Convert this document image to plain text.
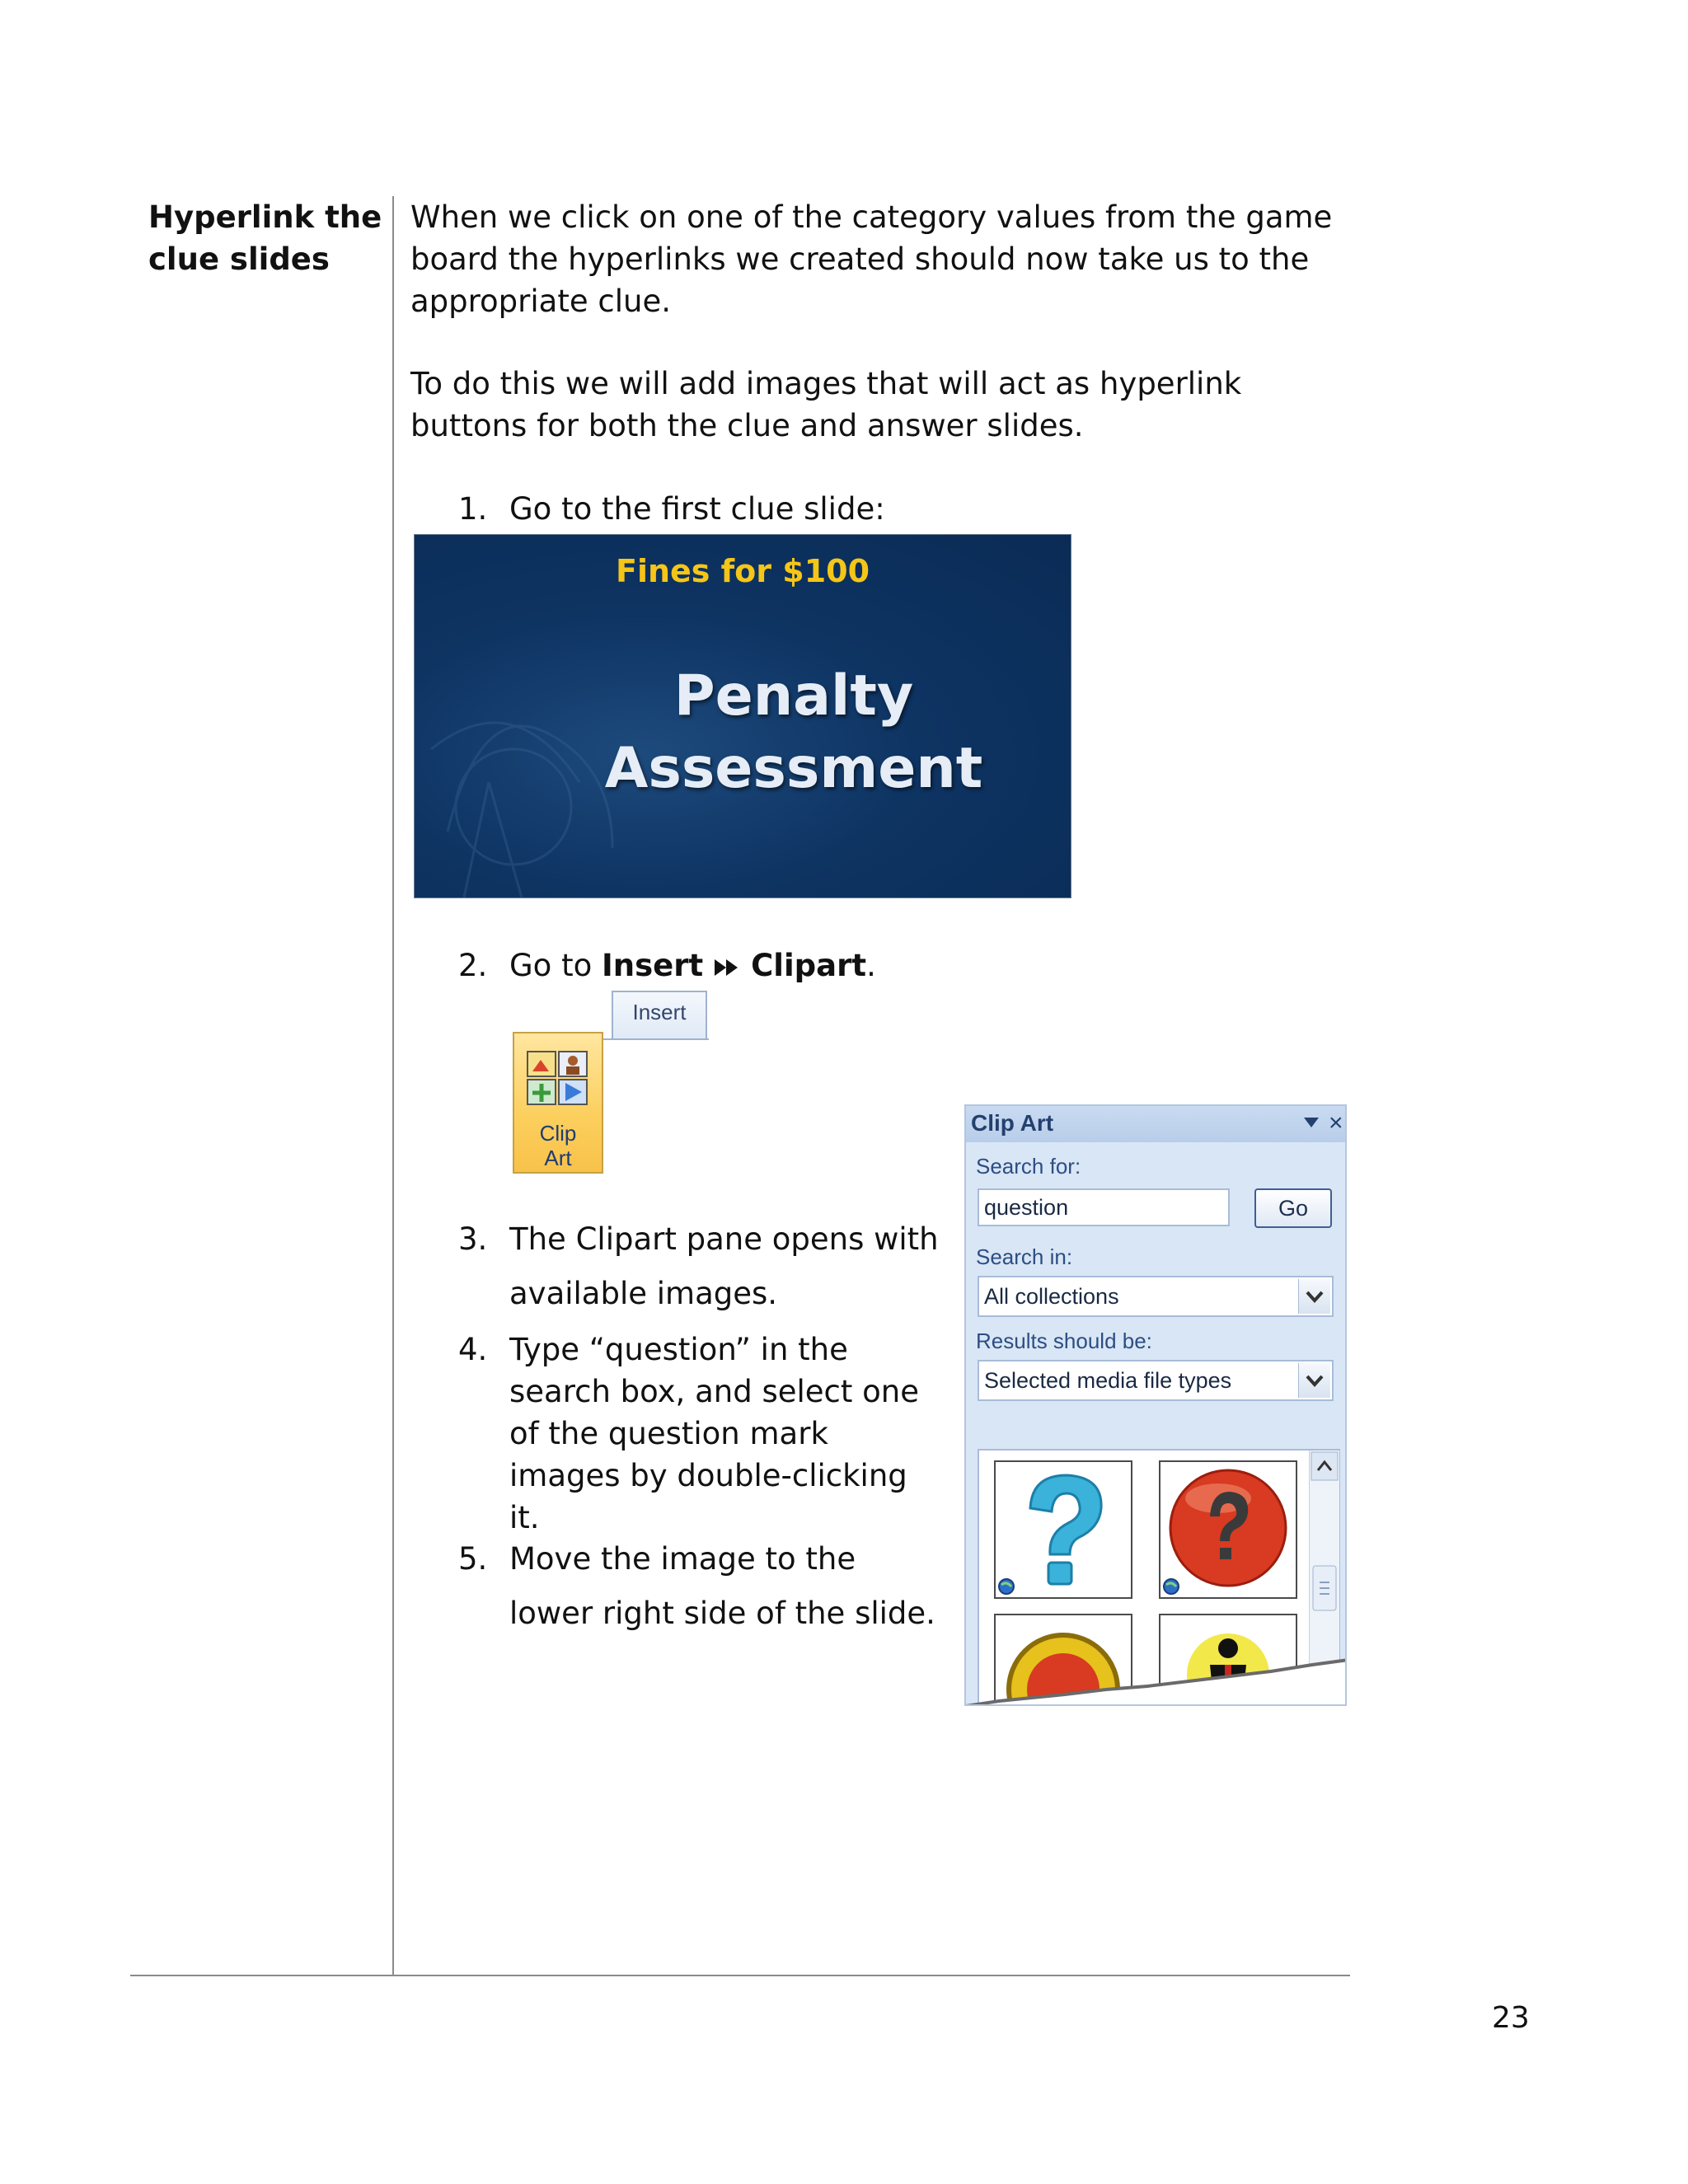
Hyperlink the clue slides
When we click on one of the category values from the game board the hyperlinks we created should now take us to the appropriate clue.
To do this we will add images that will act as hyperlink buttons for both the clue and answer slides.
1. Go to the first clue slide:
Fines for $100
Penalty
Assessment
2. Go to Insert Clipart.
Insert
Clip
Art
3. The Clipart pane opens with
available images.
4. Type “question” in the
search box, and select one
of the question mark
images by double-clicking
it.
5. Move the image to the
lower right side of the slide.
Clip Art	×
Search for:
question	Go
Search in:
All collections
Results should be:
Selected media file types
23
